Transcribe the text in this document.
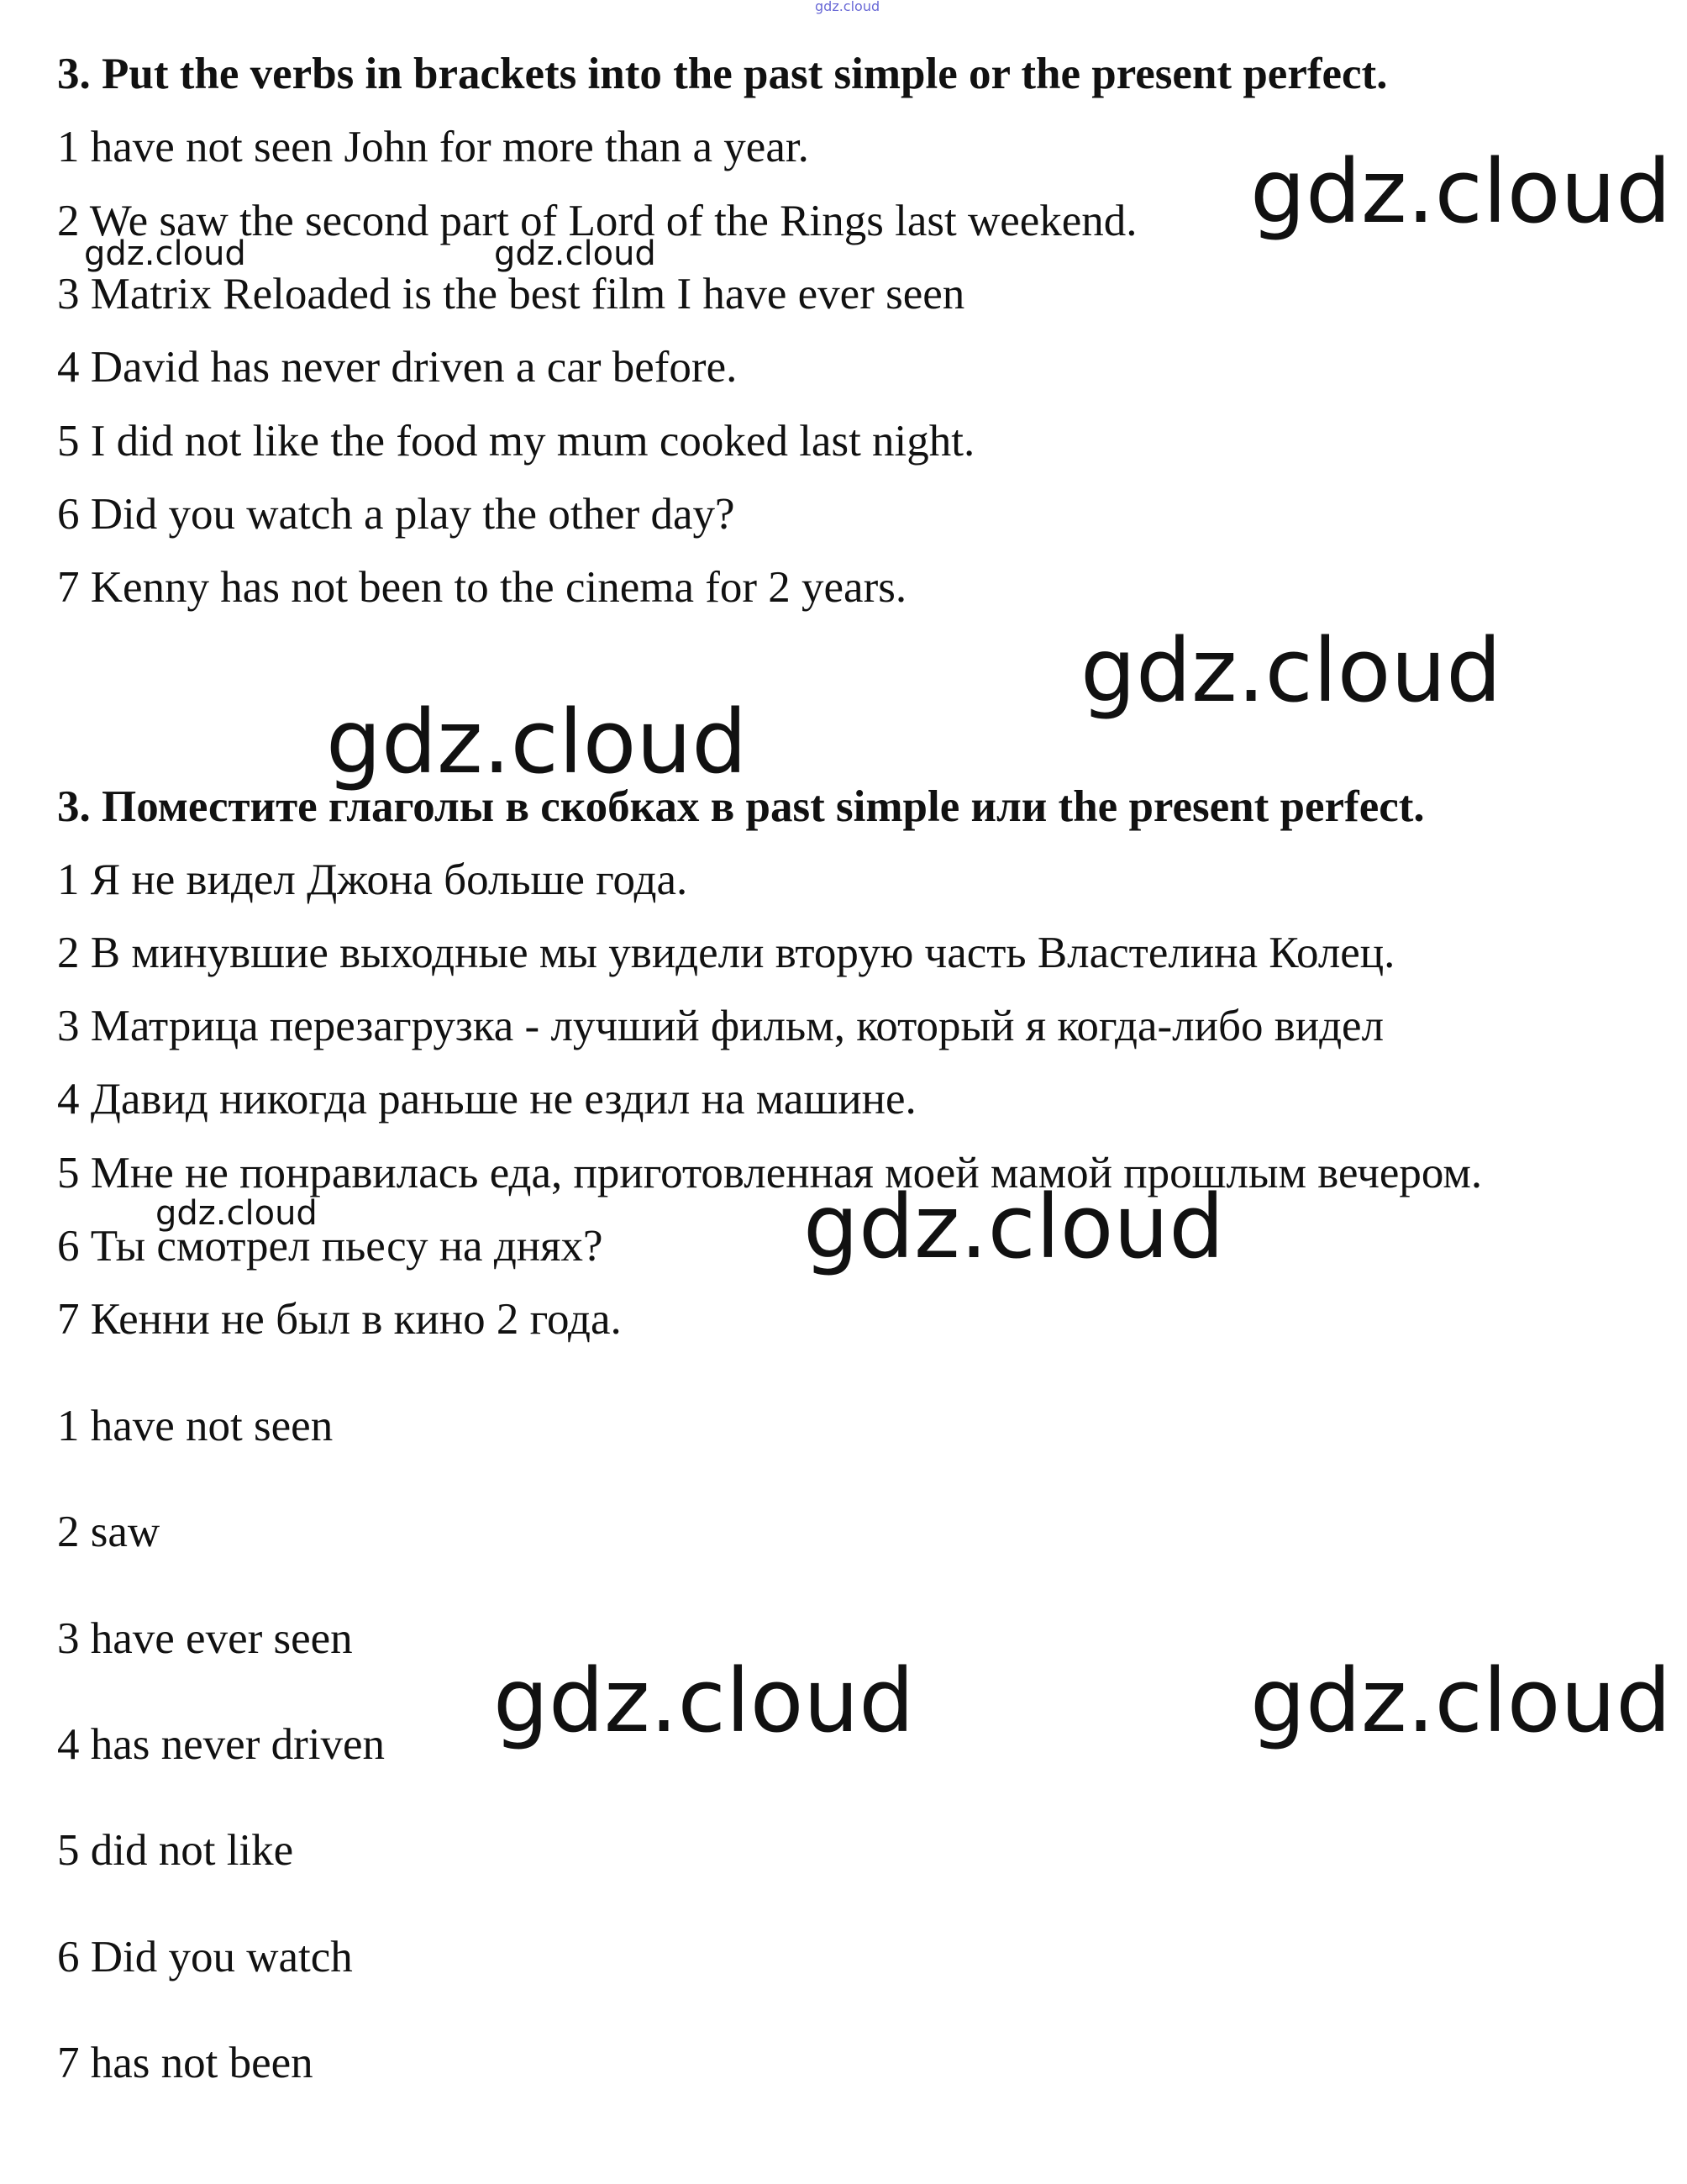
gdz.cloud

3. Put the verbs in brackets into the past simple or the present perfect.

1 have not seen John for more than a year.

2 We saw the second part of Lord of the Rings last weekend.

3 Matrix Reloaded is the best film I have ever seen

4 David has never driven a car before.

5 I did not like the food my mum cooked last night.

6 Did you watch a play the other day?

7 Kenny has not been to the cinema for 2 years.

3. Поместите глаголы в скобках в past simple или the present perfect.

1 Я не видел Джона больше года.

2 В минувшие выходные мы увидели вторую часть Властелина Колец.

3 Матрица перезагрузка - лучший фильм, который я когда-либо видел

4 Давид никогда раньше не ездил на машине.

5 Мне не понравилась еда, приготовленная моей мамой прошлым вечером.

6 Ты смотрел пьесу на днях?

7 Кенни не был в кино 2 года.

1 have not seen

2 saw

3 have ever seen

4 has never driven

5 did not like

6 Did you watch

7 has not been

gdz.cloud
gdz.cloud	gdz.cloud
gdz.cloud
gdz.cloud
gdz.cloud	gdz.cloud
gdz.cloud	gdz.cloud
